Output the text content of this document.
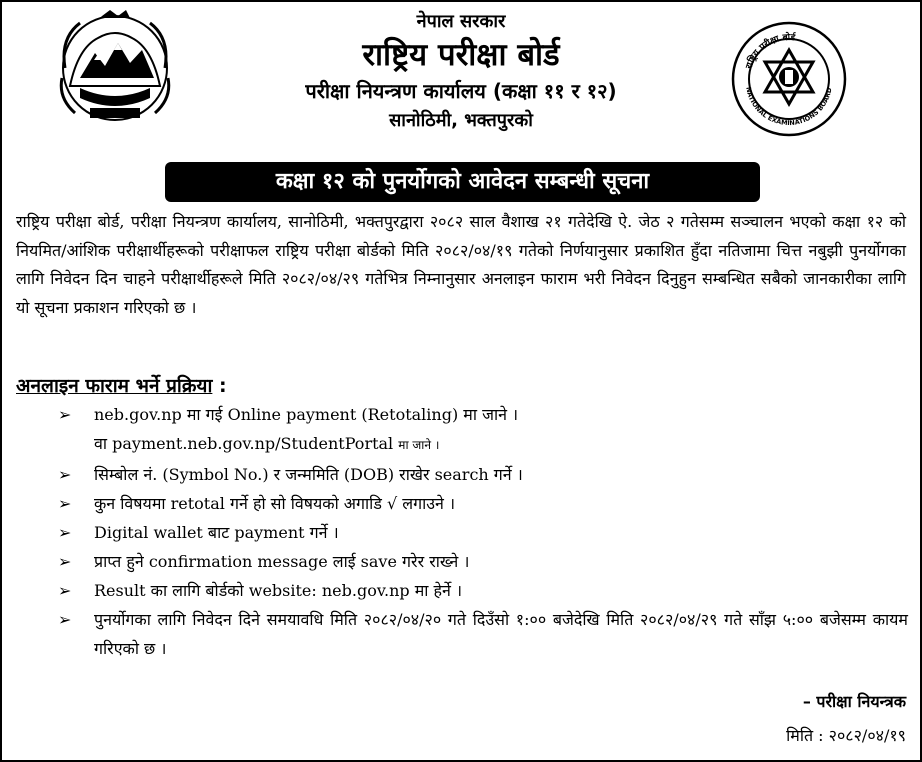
नेपाल सरकार
राष्ट्रिय परीक्षा बोर्ड
परीक्षा नियन्त्रण कार्यालय (कक्षा ११ र १२)
सानोठिमी, भक्तपुरको
राष्ट्रिय परीक्षा बोर्ड
NATIONAL EXAMINATIONS BOARD
कक्षा १२ को पुनर्योगको आवेदन सम्बन्धी सूचना
राष्ट्रिय परीक्षा बोर्ड, परीक्षा नियन्त्रण कार्यालय, सानोठिमी, भक्तपुरद्वारा २०८२ साल वैशाख २१ गतेदेखि ऐ. जेठ २ गतेसम्म सञ्चालन भएको कक्षा १२ को नियमित/आंशिक परीक्षार्थीहरूको परीक्षाफल राष्ट्रिय परीक्षा बोर्डको मिति २०८२/०४/१९ गतेको निर्णयानुसार प्रकाशित हुँदा नतिजामा चित्त नबुझी पुनर्योगका लागि निवेदन दिन चाहने परीक्षार्थीहरूले मिति २०८२/०४/२९ गतेभित्र निम्नानुसार अनलाइन फाराम भरी निवेदन दिनुहुन सम्बन्धित सबैको जानकारीका लागि यो सूचना प्रकाशन गरिएको छ ।
अनलाइन फाराम भर्ने प्रक्रिया :
➢ neb.gov.np मा गई Online payment (Retotaling) मा जाने ।
वा payment.neb.gov.np/StudentPortal मा जाने ।
➢ सिम्बोल नं. (Symbol No.) र जन्ममिति (DOB) राखेर search गर्ने ।
➢ कुन विषयमा retotal गर्ने हो सो विषयको अगाडि √ लगाउने ।
➢ Digital wallet बाट payment गर्ने ।
➢ प्राप्त हुने confirmation message लाई save गरेर राख्ने ।
➢ Result का लागि बोर्डको website: neb.gov.np मा हेर्ने ।
➢ पुनर्योगका लागि निवेदन दिने समयावधि मिति २०८२/०४/२० गते दिउँसो १:०० बजेदेखि मिति २०८२/०४/२९ गते साँझ ५:०० बजेसम्म कायम गरिएको छ ।
– परीक्षा नियन्त्रक
मिति : २०८२/०४/१९
